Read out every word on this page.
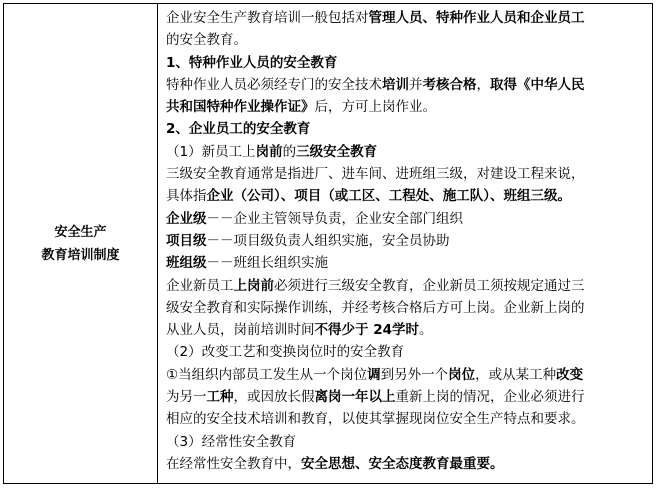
安全生产
教育培训制度
企业安全生产教育培训一般包括对管理人员、特种作业人员和企业员工
的安全教育。
1、特种作业人员的安全教育
特种作业人员必须经专门的安全技术培训并考核合格，取得《中华人民
共和国特种作业操作证》后，方可上岗作业。
2、企业员工的安全教育
（1）新员工上岗前的三级安全教育
三级安全教育通常是指进厂、进车间、进班组三级，对建设工程来说，
具体指企业（公司）、项目（或工区、工程处、施工队）、班组三级。
企业级－－企业主管领导负责，企业安全部门组织
项目级－－项目级负责人组织实施，安全员协助
班组级－－班组长组织实施
企业新员工上岗前必须进行三级安全教育，企业新员工须按规定通过三
级安全教育和实际操作训练，并经考核合格后方可上岗。企业新上岗的
从业人员，岗前培训时间不得少于 24学时。
（2）改变工艺和变换岗位时的安全教育
①当组织内部员工发生从一个岗位调到另外一个岗位，或从某工种改变
为另一工种，或因放长假离岗一年以上重新上岗的情况，企业必须进行
相应的安全技术培训和教育，以使其掌握现岗位安全生产特点和要求。
（3）经常性安全教育
在经常性安全教育中，安全思想、安全态度教育最重要。
